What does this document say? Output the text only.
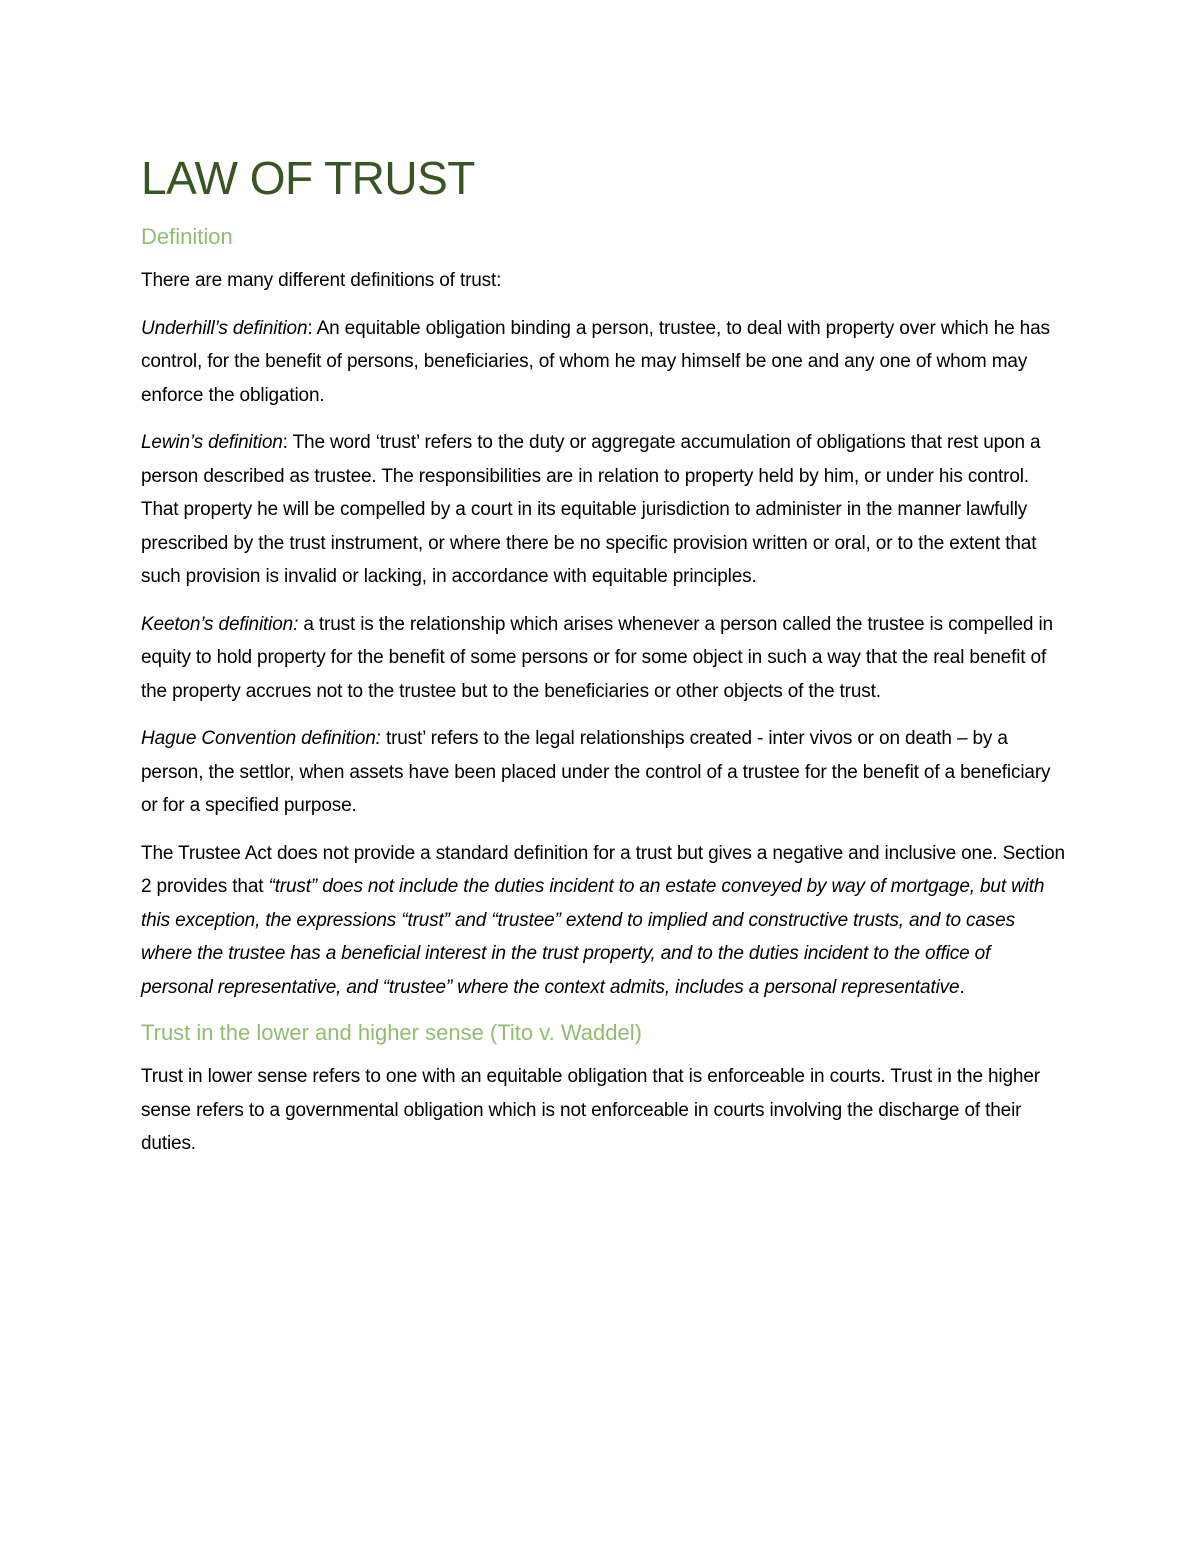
LAW OF TRUST
Definition

There are many different definitions of trust:

Underhill’s definition: An equitable obligation binding a person, trustee, to deal with property over which he has control, for the benefit of persons, beneficiaries, of whom he may himself be one and any one of whom may enforce the obligation.

Lewin’s definition: The word ‘trust’ refers to the duty or aggregate accumulation of obligations that rest upon a person described as trustee. The responsibilities are in relation to property held by him, or under his control. That property he will be compelled by a court in its equitable jurisdiction to administer in the manner lawfully prescribed by the trust instrument, or where there be no specific provision written or oral, or to the extent that such provision is invalid or lacking, in accordance with equitable principles.

Keeton’s definition: a trust is the relationship which arises whenever a person called the trustee is compelled in equity to hold property for the benefit of some persons or for some object in such a way that the real benefit of the property accrues not to the trustee but to the beneficiaries or other objects of the trust.

Hague Convention definition: trust’ refers to the legal relationships created - inter vivos or on death – by a person, the settlor, when assets have been placed under the control of a trustee for the benefit of a beneficiary or for a specified purpose.

The Trustee Act does not provide a standard definition for a trust but gives a negative and inclusive one. Section 2 provides that “trust” does not include the duties incident to an estate conveyed by way of mortgage, but with this exception, the expressions “trust” and “trustee” extend to implied and constructive trusts, and to cases where the trustee has a beneficial interest in the trust property, and to the duties incident to the office of personal representative, and “trustee” where the context admits, includes a personal representative.

Trust in the lower and higher sense (Tito v. Waddel)

Trust in lower sense refers to one with an equitable obligation that is enforceable in courts. Trust in the higher sense refers to a governmental obligation which is not enforceable in courts involving the discharge of their duties.
